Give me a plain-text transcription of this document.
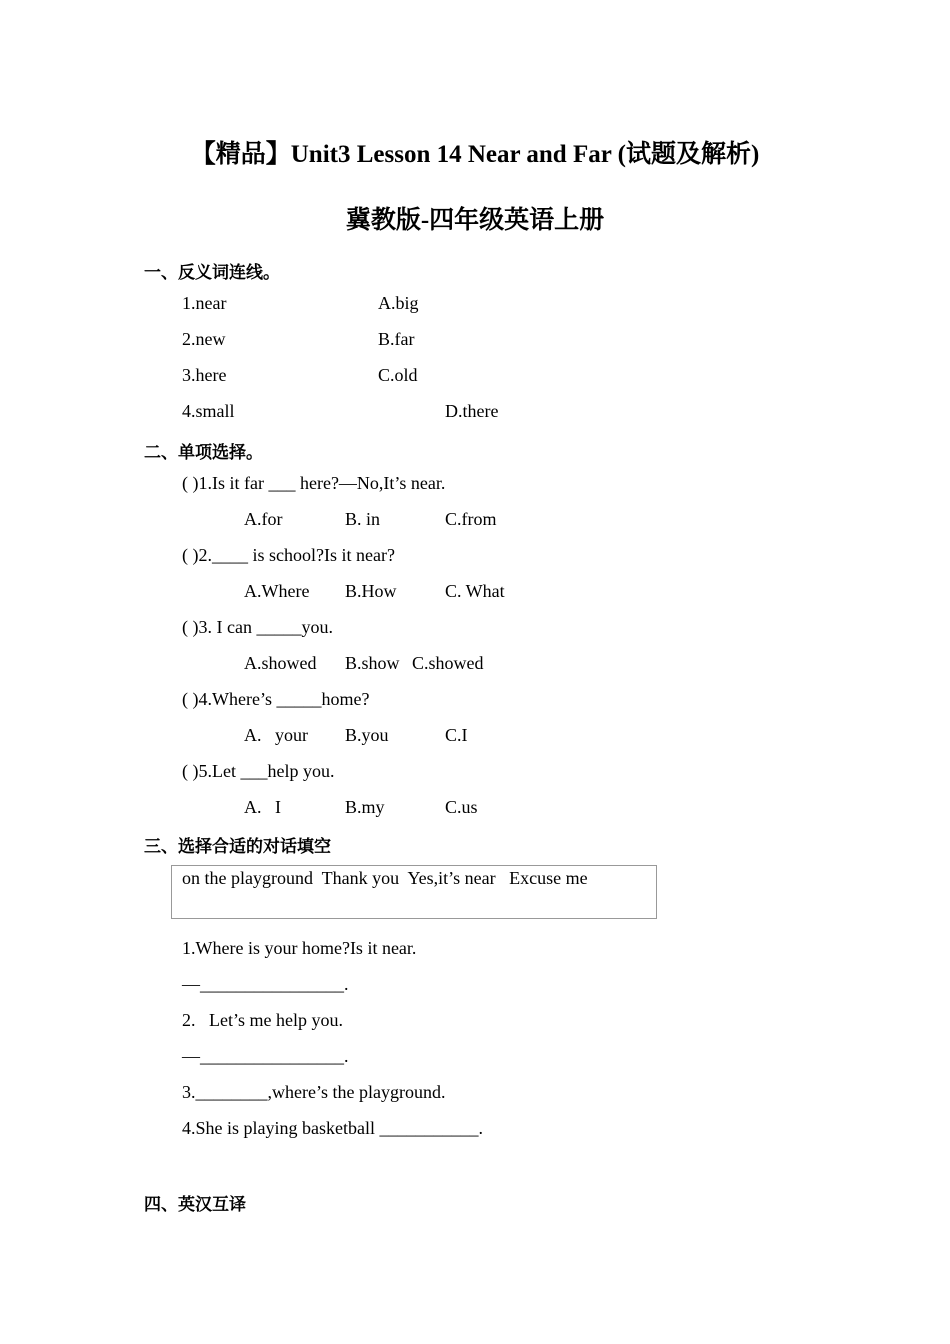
【精品】Unit3 Lesson 14 Near and Far (试题及解析)
冀教版-四年级英语上册
一、反义词连线。
1.near	A.big
2.new	B.far
3.here	C.old
4.small	D.there
二、单项选择。
( )1.Is it far ___ here?—No,It’s near.
A.for	B. in	C.from
( )2.____ is school?Is it near?
A.Where B.How	C. What
( )3. I can _____you.
A.showed B.show C.showed
( )4.Where’s _____home?
A.   your B.you	C.I
( )5.Let ___help you.
A.   I	B.my	C.us
三、选择合适的对话填空
on the playground  Thank you  Yes,it’s near   Excuse me
1.Where is your home?Is it near.
—________________.
2.   Let’s me help you.
—________________.
3.________,where’s the playground.
4.She is playing basketball ___________.
四、英汉互译
